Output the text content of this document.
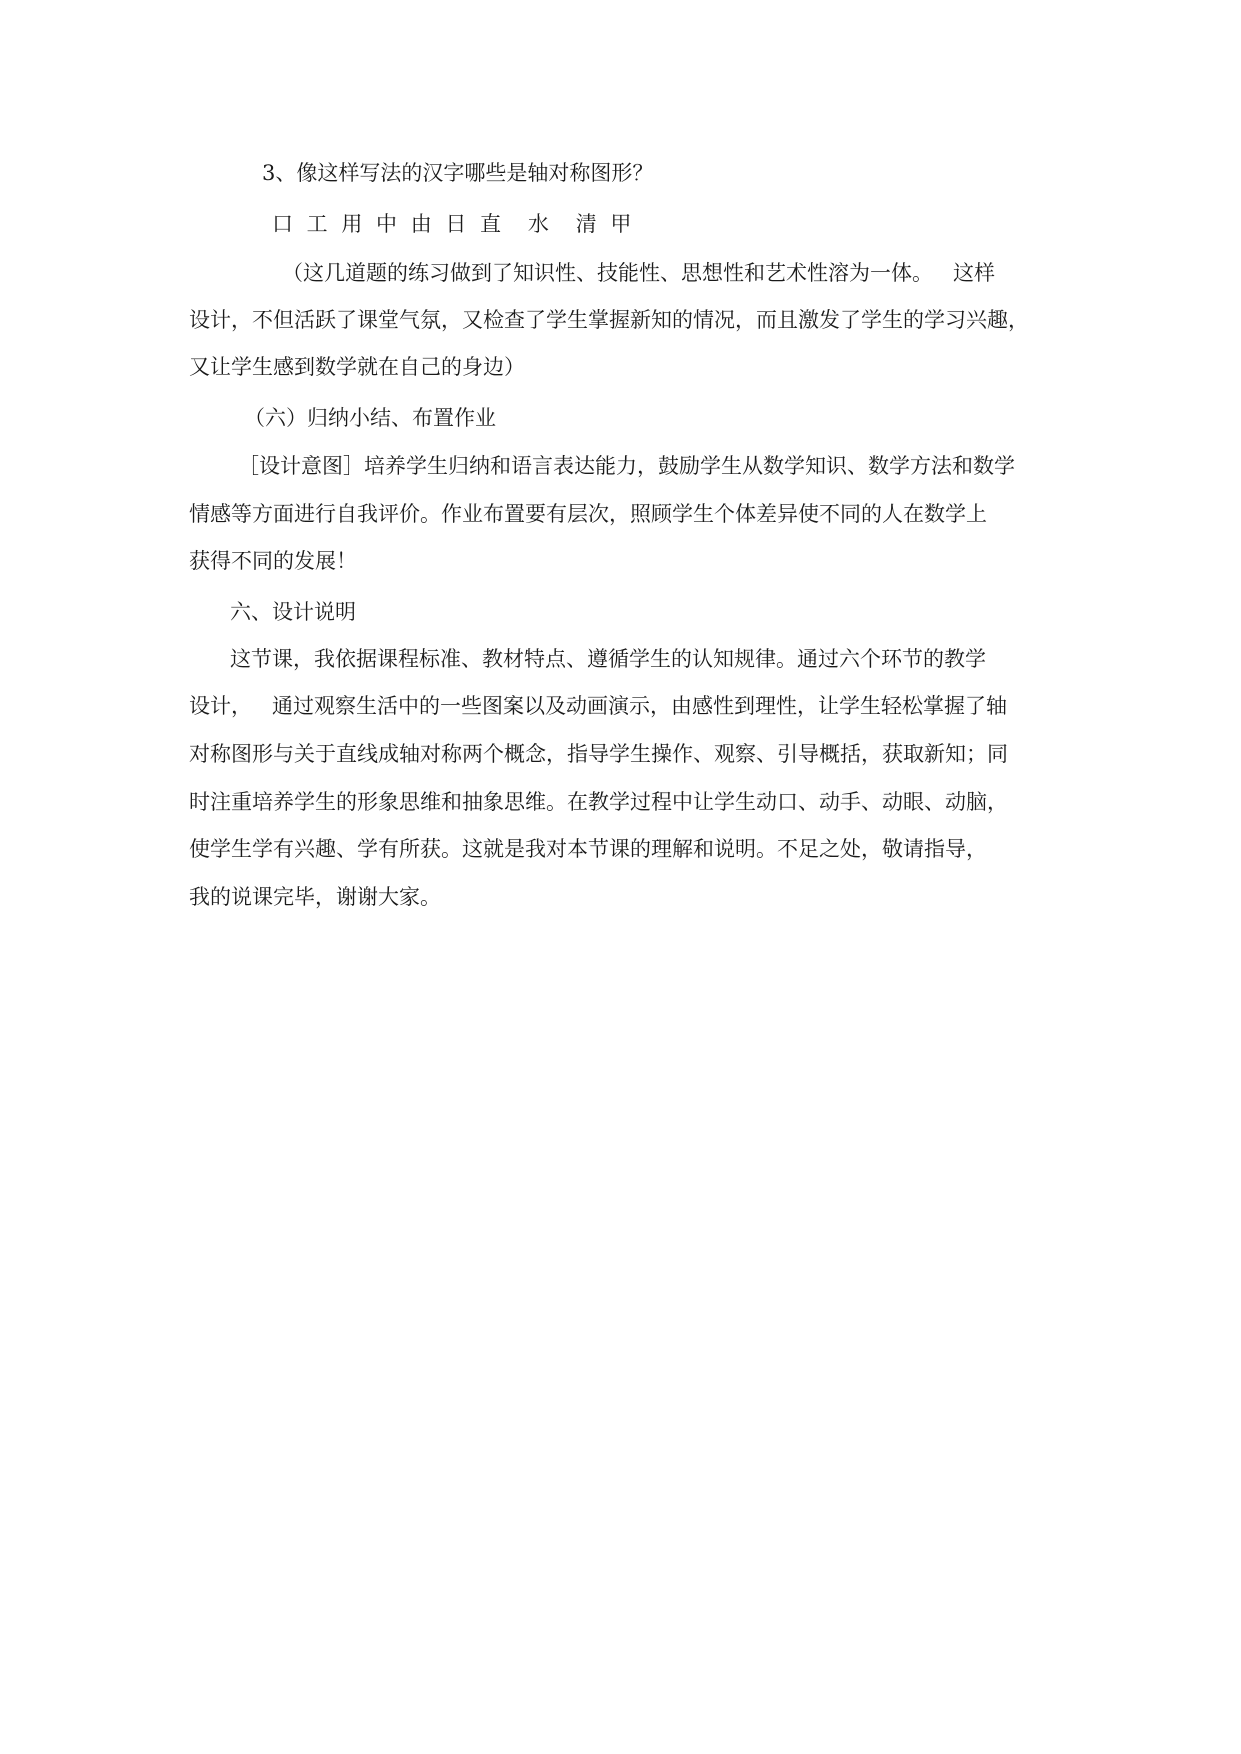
3、像这样写法的汉字哪些是轴对称图形？
口 工 用 中 由 日 直  水  清 甲
（这几道题的练习做到了知识性、技能性、思想性和艺术性溶为一体。   这样
设计，不但活跃了课堂气氛，又检查了学生掌握新知的情况，而且激发了学生的学习兴趣，
又让学生感到数学就在自己的身边）
（六）归纳小结、布置作业
［设计意图］培养学生归纳和语言表达能力，鼓励学生从数学知识、数学方法和数学
情感等方面进行自我评价。作业布置要有层次，照顾学生个体差异使不同的人在数学上
获得不同的发展！
六、设计说明
这节课，我依据课程标准、教材特点、遵循学生的认知规律。通过六个环节的教学
设计，   通过观察生活中的一些图案以及动画演示，由感性到理性，让学生轻松掌握了轴
对称图形与关于直线成轴对称两个概念，指导学生操作、观察、引导概括，获取新知；同
时注重培养学生的形象思维和抽象思维。在教学过程中让学生动口、动手、动眼、动脑，
使学生学有兴趣、学有所获。这就是我对本节课的理解和说明。不足之处，敬请指导，
我的说课完毕，谢谢大家。
